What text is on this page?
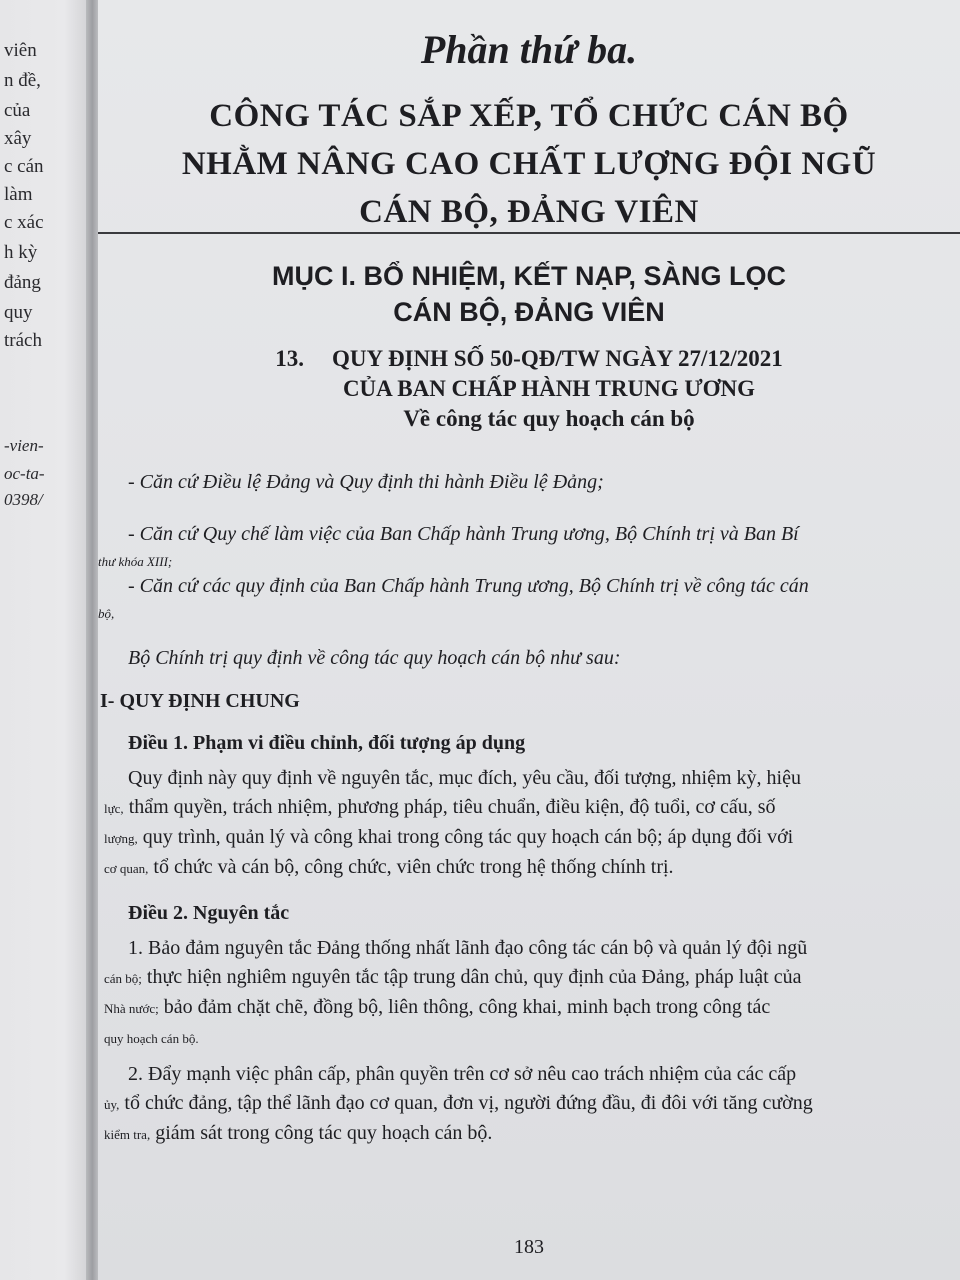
viên
n đề,
của
xây
c cán
làm
c xác
h kỳ
đảng
quy
trách
-vien-
oc-ta-
0398/
Phần thứ ba.
CÔNG TÁC SẮP XẾP, TỔ CHỨC CÁN BỘ
NHẰM NÂNG CAO CHẤT LƯỢNG ĐỘI NGŨ
CÁN BỘ, ĐẢNG VIÊN
MỤC I. BỔ NHIỆM, KẾT NẠP, SÀNG LỌC
CÁN BỘ, ĐẢNG VIÊN
13. QUY ĐỊNH SỐ 50-QĐ/TW NGÀY 27/12/2021
CỦA BAN CHẤP HÀNH TRUNG ƯƠNG
Về công tác quy hoạch cán bộ
- Căn cứ Điều lệ Đảng và Quy định thi hành Điều lệ Đảng;
- Căn cứ Quy chế làm việc của Ban Chấp hành Trung ương, Bộ Chính trị và Ban Bí
thư khóa XIII;
- Căn cứ các quy định của Ban Chấp hành Trung ương, Bộ Chính trị về công tác cán
bộ,
Bộ Chính trị quy định về công tác quy hoạch cán bộ như sau:
I- QUY ĐỊNH CHUNG
Điều 1. Phạm vi điều chỉnh, đối tượng áp dụng
Quy định này quy định về nguyên tắc, mục đích, yêu cầu, đối tượng, nhiệm kỳ, hiệu
lực, thẩm quyền, trách nhiệm, phương pháp, tiêu chuẩn, điều kiện, độ tuổi, cơ cấu, số
lượng, quy trình, quản lý và công khai trong công tác quy hoạch cán bộ; áp dụng đối với
cơ quan, tổ chức và cán bộ, công chức, viên chức trong hệ thống chính trị.
Điều 2. Nguyên tắc
1. Bảo đảm nguyên tắc Đảng thống nhất lãnh đạo công tác cán bộ và quản lý đội ngũ
cán bộ; thực hiện nghiêm nguyên tắc tập trung dân chủ, quy định của Đảng, pháp luật của
Nhà nước; bảo đảm chặt chẽ, đồng bộ, liên thông, công khai, minh bạch trong công tác
quy hoạch cán bộ.
2. Đẩy mạnh việc phân cấp, phân quyền trên cơ sở nêu cao trách nhiệm của các cấp
ủy, tổ chức đảng, tập thể lãnh đạo cơ quan, đơn vị, người đứng đầu, đi đôi với tăng cường
kiểm tra, giám sát trong công tác quy hoạch cán bộ.
183
